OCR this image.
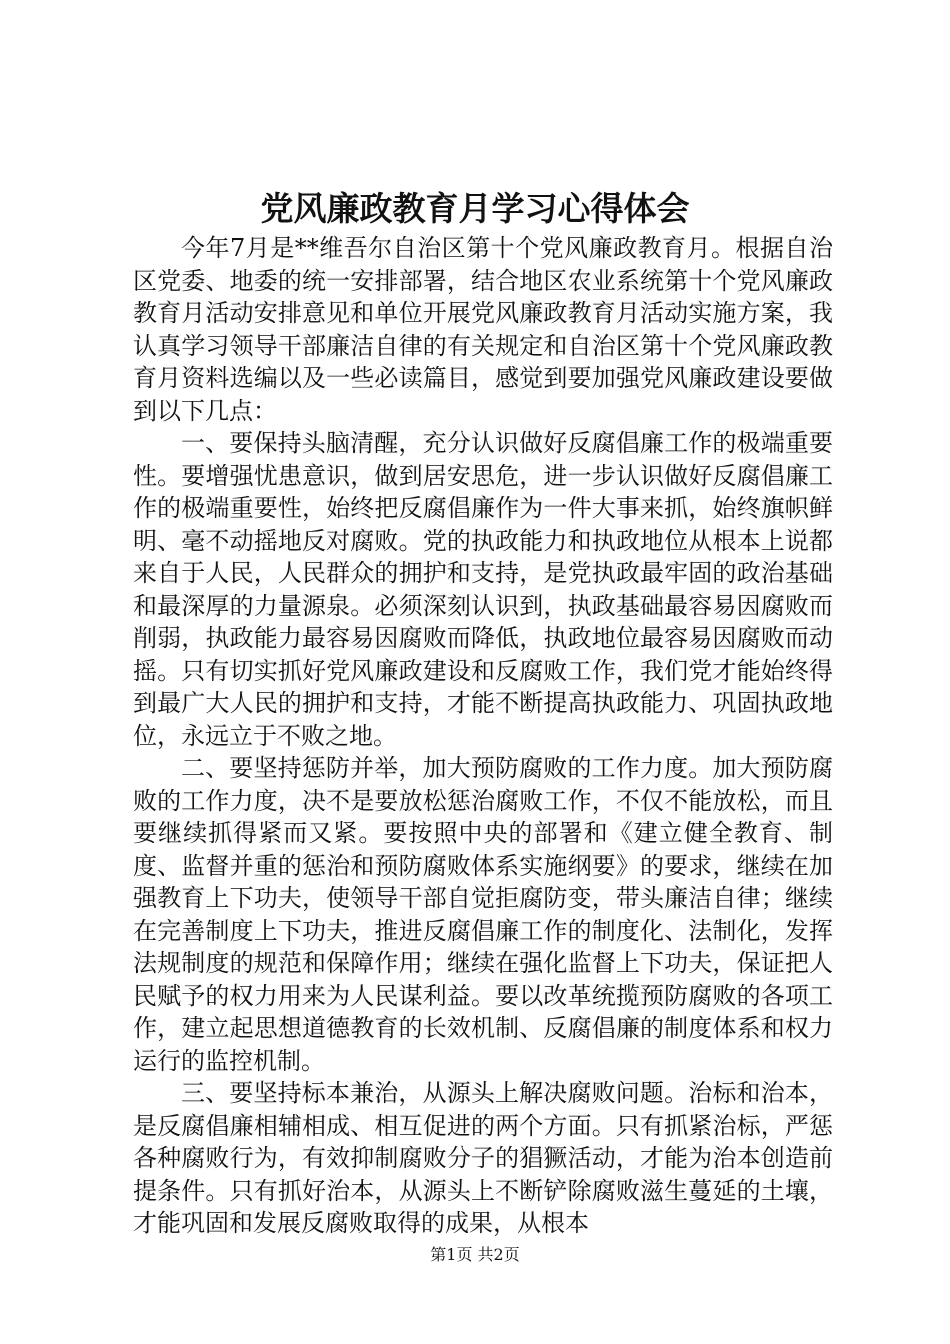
党风廉政教育月学习心得体会

今年7月是**维吾尔自治区第十个党风廉政教育月。根据自治区党委、地委的统一安排部署，结合地区农业系统第十个党风廉政教育月活动安排意见和单位开展党风廉政教育月活动实施方案，我认真学习领导干部廉洁自律的有关规定和自治区第十个党风廉政教育月资料选编以及一些必读篇目，感觉到要加强党风廉政建设要做到以下几点：

一、要保持头脑清醒，充分认识做好反腐倡廉工作的极端重要性。要增强忧患意识，做到居安思危，进一步认识做好反腐倡廉工作的极端重要性，始终把反腐倡廉作为一件大事来抓，始终旗帜鲜明、毫不动摇地反对腐败。党的执政能力和执政地位从根本上说都来自于人民，人民群众的拥护和支持，是党执政最牢固的政治基础和最深厚的力量源泉。必须深刻认识到，执政基础最容易因腐败而削弱，执政能力最容易因腐败而降低，执政地位最容易因腐败而动摇。只有切实抓好党风廉政建设和反腐败工作，我们党才能始终得到最广大人民的拥护和支持，才能不断提高执政能力、巩固执政地位，永远立于不败之地。

二、要坚持惩防并举，加大预防腐败的工作力度。加大预防腐败的工作力度，决不是要放松惩治腐败工作，不仅不能放松，而且要继续抓得紧而又紧。要按照中央的部署和《建立健全教育、制度、监督并重的惩治和预防腐败体系实施纲要》的要求，继续在加强教育上下功夫，使领导干部自觉拒腐防变，带头廉洁自律；继续在完善制度上下功夫，推进反腐倡廉工作的制度化、法制化，发挥法规制度的规范和保障作用；继续在强化监督上下功夫，保证把人民赋予的权力用来为人民谋利益。要以改革统揽预防腐败的各项工作，建立起思想道德教育的长效机制、反腐倡廉的制度体系和权力运行的监控机制。

三、要坚持标本兼治，从源头上解决腐败问题。治标和治本，是反腐倡廉相辅相成、相互促进的两个方面。只有抓紧治标，严惩各种腐败行为，有效抑制腐败分子的猖獗活动，才能为治本创造前提条件。只有抓好治本，从源头上不断铲除腐败滋生蔓延的土壤，才能巩固和发展反腐败取得的成果，从根本

第1页 共2页
